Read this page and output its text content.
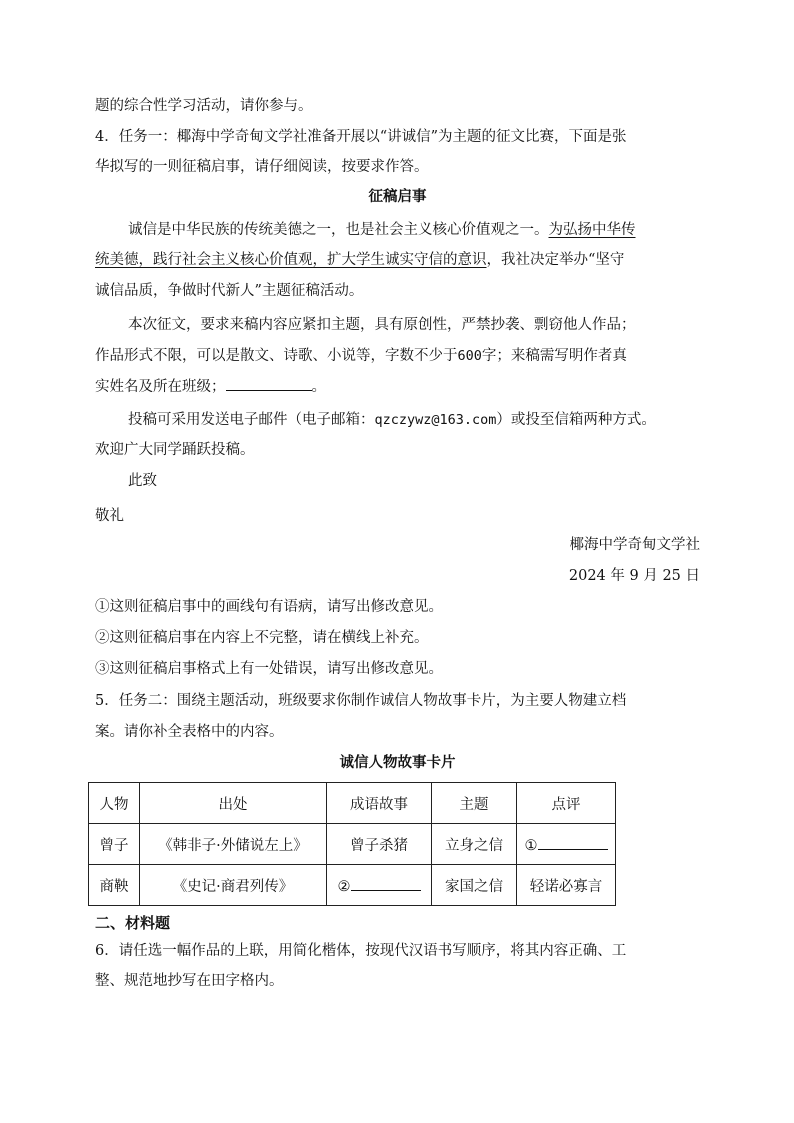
题的综合性学习活动，请你参与。
4．任务一：椰海中学奇甸文学社准备开展以“讲诚信”为主题的征文比赛，下面是张
华拟写的一则征稿启事，请仔细阅读，按要求作答。
征稿启事
诚信是中华民族的传统美德之一，也是社会主义核心价值观之一。为弘扬中华传
统美德，践行社会主义核心价值观，扩大学生诚实守信的意识，我社决定举办“坚守
诚信品质，争做时代新人”主题征稿活动。
本次征文，要求来稿内容应紧扣主题，具有原创性，严禁抄袭、剽窃他人作品；
作品形式不限，可以是散文、诗歌、小说等，字数不少于600字；来稿需写明作者真
实姓名及所在班级；	。
投稿可采用发送电子邮件（电子邮箱：qzczywz@163.com）或投至信箱两种方式。
欢迎广大同学踊跃投稿。
此致
敬礼
椰海中学奇甸文学社
2024 年 9 月 25 日
①这则征稿启事中的画线句有语病，请写出修改意见。
②这则征稿启事在内容上不完整，请在横线上补充。
③这则征稿启事格式上有一处错误，请写出修改意见。
5．任务二：围绕主题活动，班级要求你制作诚信人物故事卡片，为主要人物建立档
案。请你补全表格中的内容。
诚信人物故事卡片
人物	出处	成语故事	主题	点评
曾子	《韩非子·外储说左上》	曾子杀猪	立身之信	①
商鞅	《史记·商君列传》	②	家国之信	轻诺必寡言
二、材料题
6．请任选一幅作品的上联，用简化楷体，按现代汉语书写顺序，将其内容正确、工
整、规范地抄写在田字格内。
